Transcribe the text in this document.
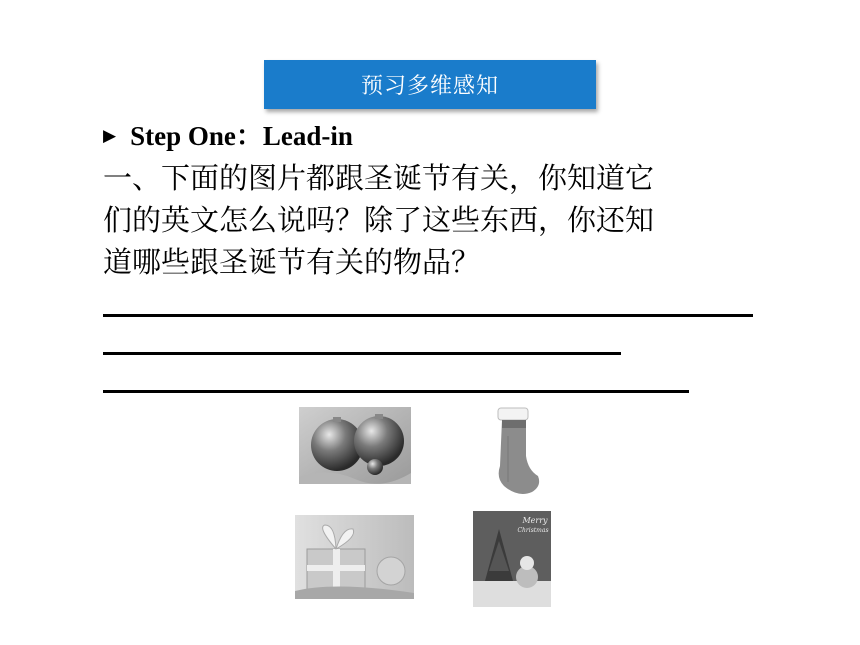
预习多维感知
▶ Step One：Lead-in
一、下面的图片都跟圣诞节有关，你知道它
们的英文怎么说吗？除了这些东西，你还知
道哪些跟圣诞节有关的物品？
Merry
Christmas
